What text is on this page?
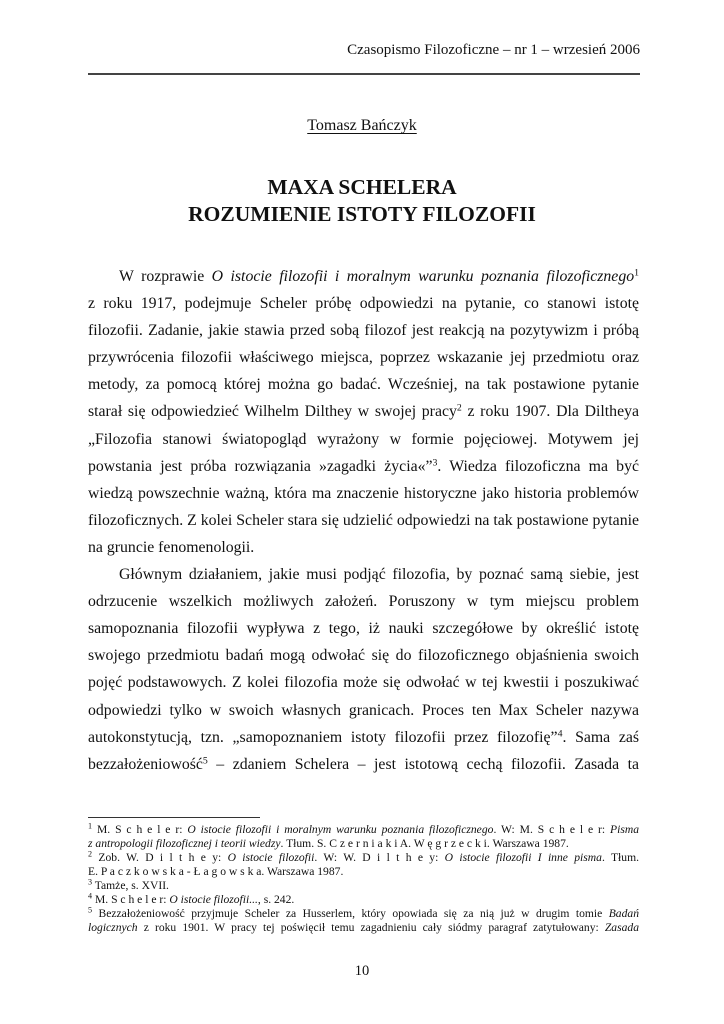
Czasopismo Filozoficzne – nr 1 – wrzesień 2006
Tomasz Bańczyk
MAXA SCHELERA
ROZUMIENIE ISTOTY FILOZOFII
W rozprawie O istocie filozofii i moralnym warunku poznania filozoficznego$^1$
z roku 1917, podejmuje Scheler próbę odpowiedzi na pytanie, co stanowi istotę
filozofii. Zadanie, jakie stawia przed sobą filozof jest reakcją na pozytywizm i próbą
przywrócenia filozofii właściwego miejsca, poprzez wskazanie jej przedmiotu oraz
metody, za pomocą której można go badać. Wcześniej, na tak postawione pytanie
starał się odpowiedzieć Wilhelm Dilthey w swojej pracy$^2$ z roku 1907. Dla Diltheya
„Filozofia stanowi światopogląd wyrażony w formie pojęciowej. Motywem jej
powstania jest próba rozwiązania »zagadki życia«”$^3$. Wiedza filozoficzna ma być
wiedzą powszechnie ważną, która ma znaczenie historyczne jako historia problemów
filozoficznych. Z kolei Scheler stara się udzielić odpowiedzi na tak postawione pytanie
na gruncie fenomenologii.
Głównym działaniem, jakie musi podjąć filozofia, by poznać samą siebie, jest
odrzucenie wszelkich możliwych założeń. Poruszony w tym miejscu problem
samopoznania filozofii wypływa z tego, iż nauki szczegółowe by określić istotę
swojego przedmiotu badań mogą odwołać się do filozoficznego objaśnienia swoich
pojęć podstawowych. Z kolei filozofia może się odwołać w tej kwestii i poszukiwać
odpowiedzi tylko w swoich własnych granicach. Proces ten Max Scheler nazywa
autokonstytucją, tzn. „samopoznaniem istoty filozofii przez filozofię”$^4$. Sama zaś
bezzałożeniowość$^5$ – zdaniem Schelera – jest istotową cechą filozofii. Zasada ta
$^1$ M. S c h e l e r: O istocie filozofii i moralnym warunku poznania filozoficznego. W: M. S c h e l e r: Pisma
z antropologii filozoficznej i teorii wiedzy. Tłum. S. C z e r n i a k i A. W ę g r z e c k i. Warszawa 1987.
$^2$ Zob. W. D i l t h e y: O istocie filozofii. W: W. D i l t h e y: O istocie filozofii I inne pisma. Tłum.
E. P a c z k o w s k a - Ł a g o w s k a. Warszawa 1987.
$^3$ Tamże, s. XVII.
$^4$ M. S c h e l e r: O istocie filozofii..., s. 242.
$^5$ Bezzałożeniowość przyjmuje Scheler za Husserlem, który opowiada się za nią już w drugim tomie Badań
logicznych z roku 1901. W pracy tej poświęcił temu zagadnieniu cały siódmy paragraf zatytułowany: Zasada
10
